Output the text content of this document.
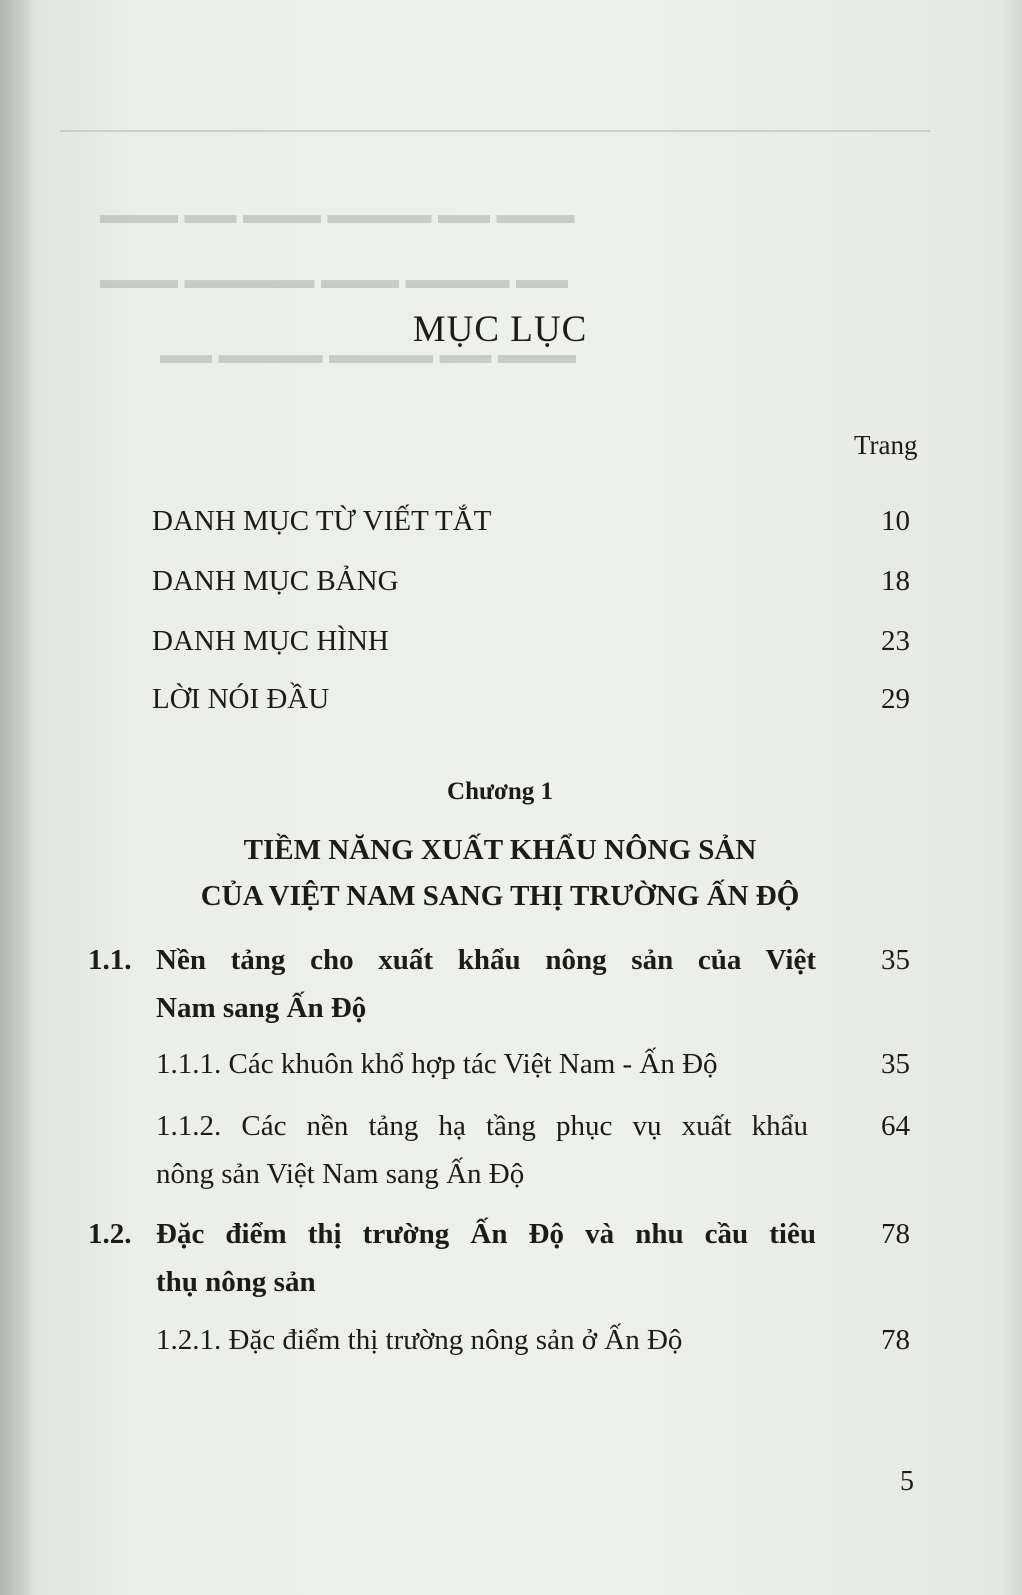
▬▬▬ ▬▬ ▬▬▬▬ ▬▬▬ ▬▬ ▬▬▬
▬▬ ▬▬▬▬ ▬▬▬ ▬▬▬▬▬ ▬▬▬
▬▬▬ ▬▬ ▬▬▬▬ ▬▬▬▬ ▬▬
MỤC LỤC
Trang
DANH MỤC TỪ VIẾT TẮT	10
DANH MỤC BẢNG	18
DANH MỤC HÌNH	23
LỜI NÓI ĐẦU	29
Chương 1
TIỀM NĂNG XUẤT KHẨU NÔNG SẢN
CỦA VIỆT NAM SANG THỊ TRƯỜNG ẤN ĐỘ
1.1. Nền tảng cho xuất khẩu nông sản của Việt	35
Nam sang Ấn Độ
1.1.1. Các khuôn khổ hợp tác Việt Nam - Ấn Độ	35
1.1.2. Các nền tảng hạ tầng phục vụ xuất khẩu	64
nông sản Việt Nam sang Ấn Độ
1.2. Đặc điểm thị trường Ấn Độ và nhu cầu tiêu	78
thụ nông sản
1.2.1. Đặc điểm thị trường nông sản ở Ấn Độ	78
5
